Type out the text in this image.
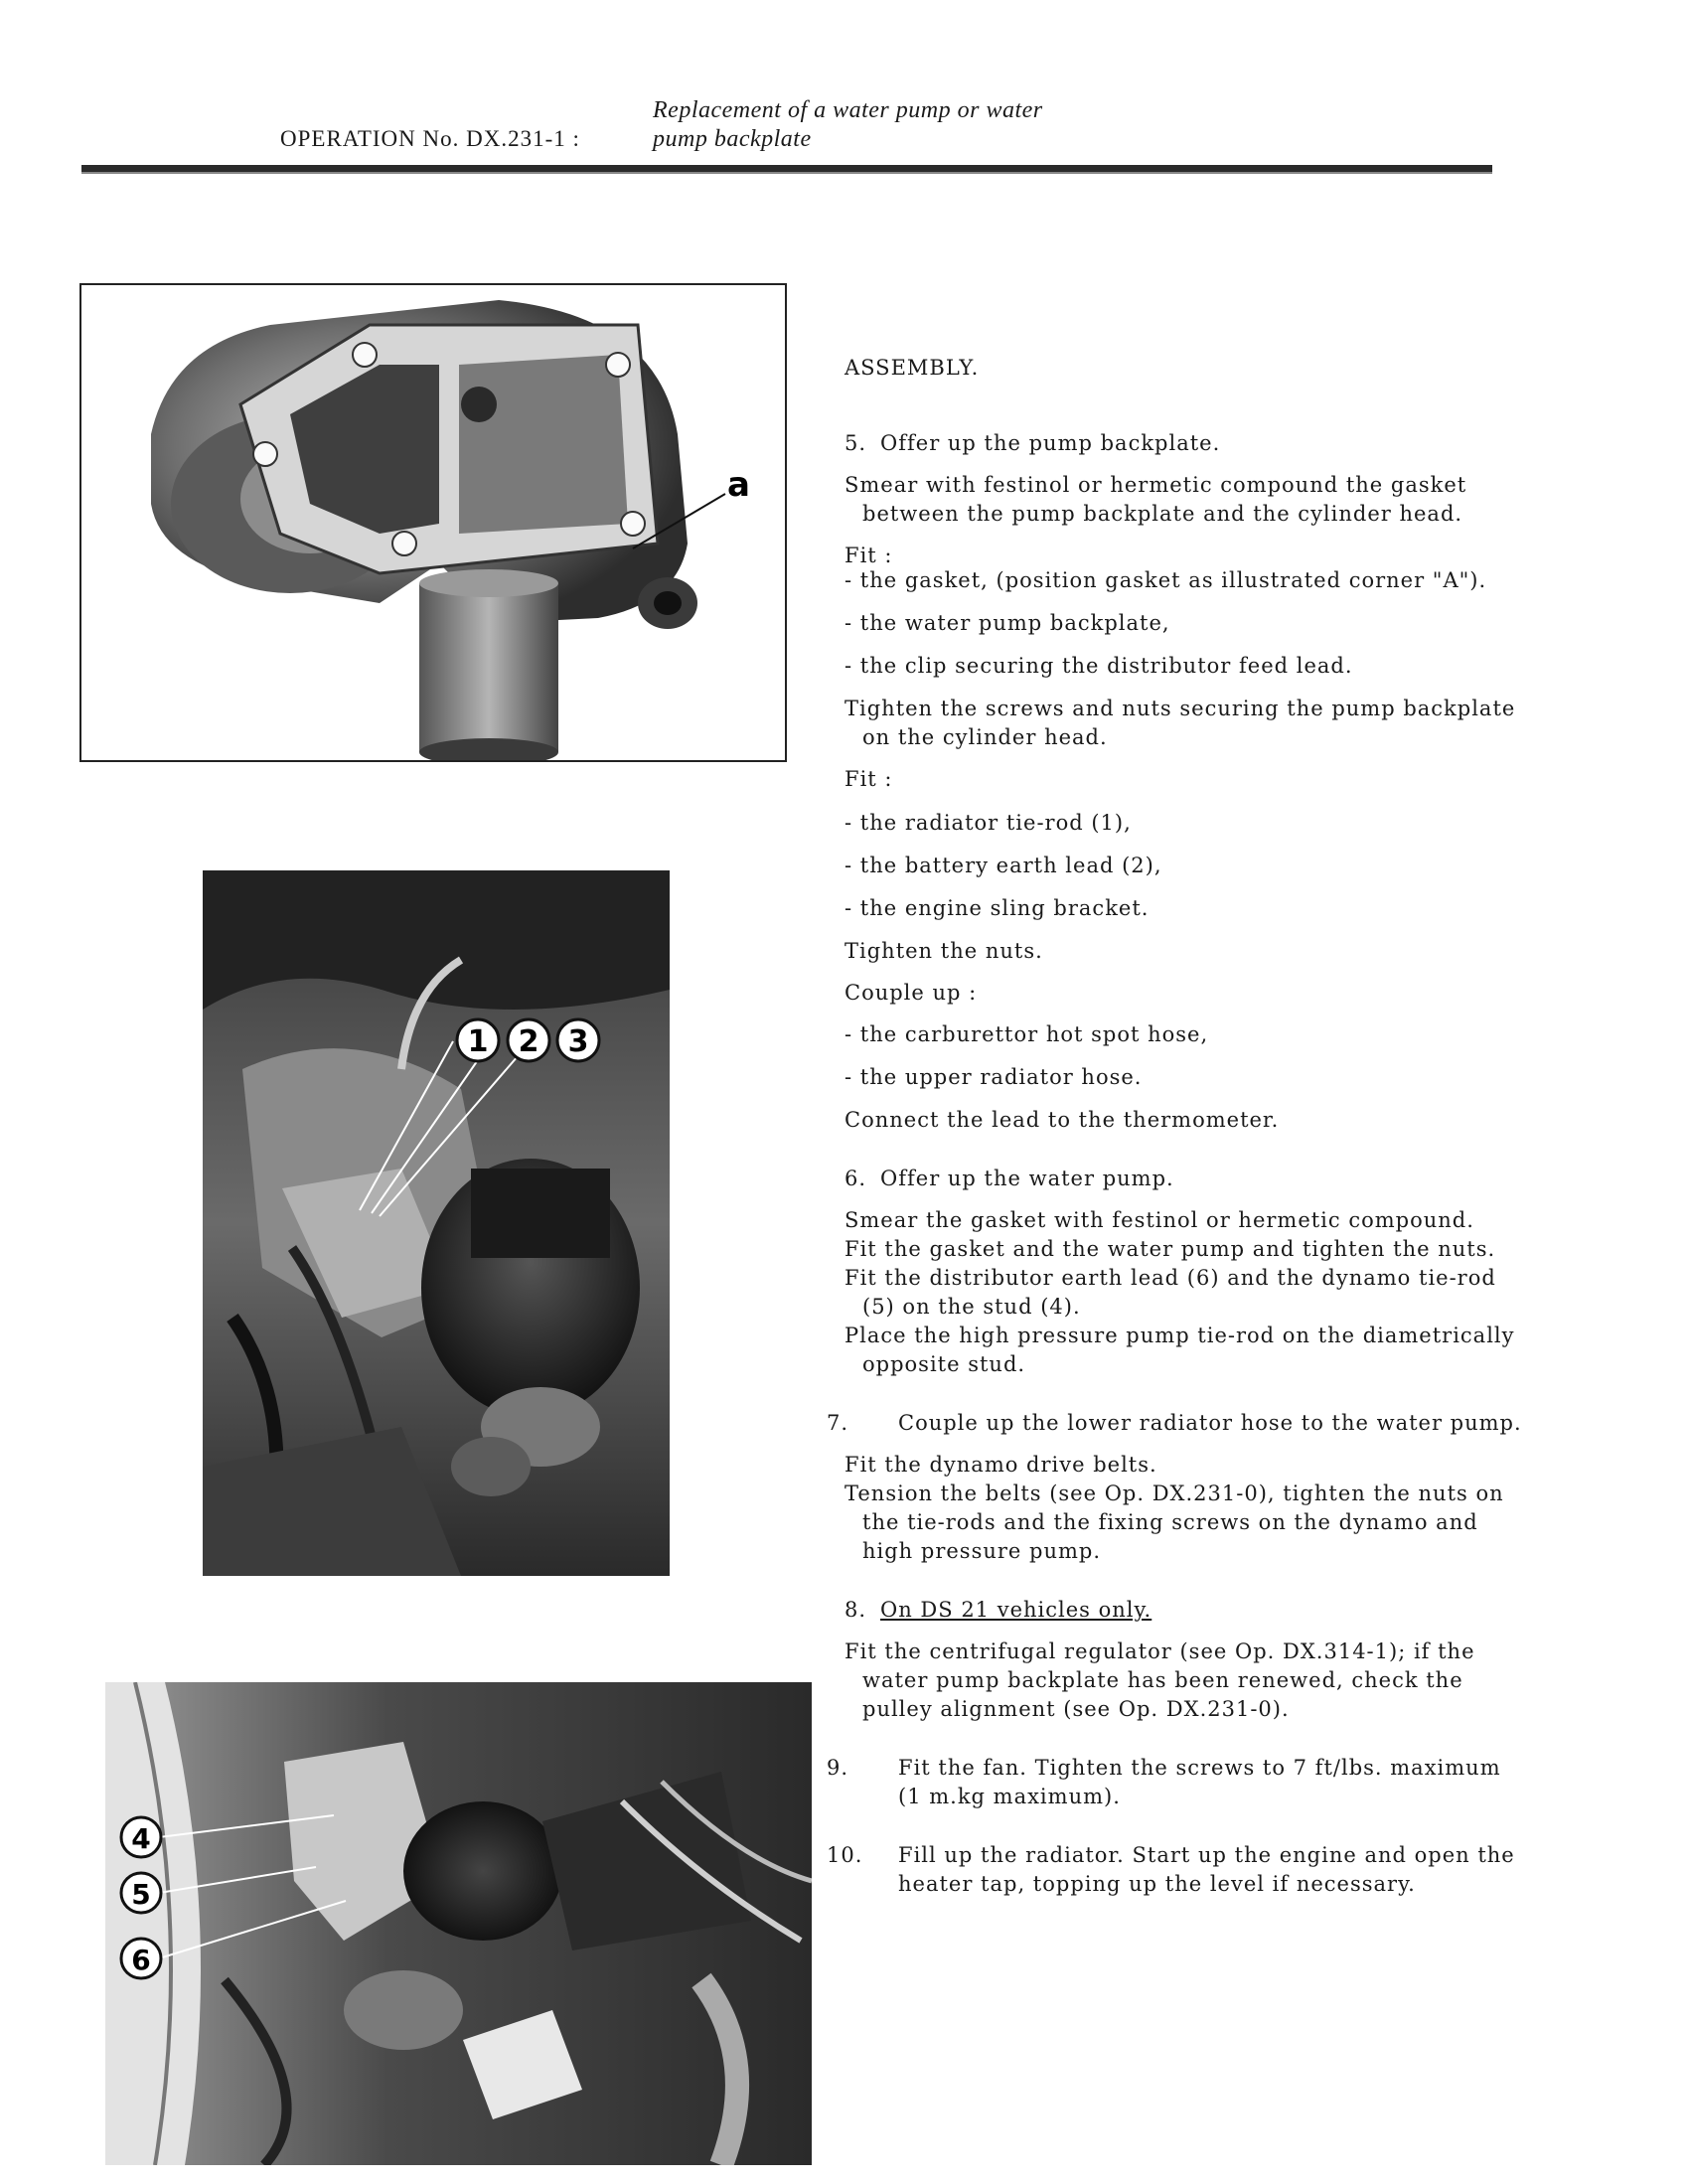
Replacement of a water pump or water
OPERATION No. DX.231-1 :	pump backplate
a
1 2 3
4
5
6

ASSEMBLY.

5. Offer up the pump backplate.

Smear with festinol or hermetic compound the gasket between the pump backplate and the cylinder head.

Fit :

- the gasket, (position gasket as illustrated corner "A").

- the water pump backplate,

- the clip securing the distributor feed lead.

Tighten the screws and nuts securing the pump backplate on the cylinder head.

Fit :

- the radiator tie-rod (1),

- the battery earth lead (2),

- the engine sling bracket.

Tighten the nuts.

Couple up :

- the carburettor hot spot hose,

- the upper radiator hose.

Connect the lead to the thermometer.

6. Offer up the water pump.

Smear the gasket with festinol or hermetic compound.

Fit the gasket and the water pump and tighten the nuts.

Fit the distributor earth lead (6) and the dynamo tie-rod (5) on the stud (4).

Place the high pressure pump tie-rod on the diametrically opposite stud.

7. Couple up the lower radiator hose to the water pump.

Fit the dynamo drive belts.

Tension the belts (see Op. DX.231-0), tighten the nuts on the tie-rods and the fixing screws on the dynamo and high pressure pump.

8. On DS 21 vehicles only.

Fit the centrifugal regulator (see Op. DX.314-1); if the water pump backplate has been renewed, check the pulley alignment (see Op. DX.231-0).

9. Fit the fan. Tighten the screws to 7 ft/lbs. maximum (1 m.kg maximum).

10. Fill up the radiator. Start up the engine and open the heater tap, topping up the level if necessary.
